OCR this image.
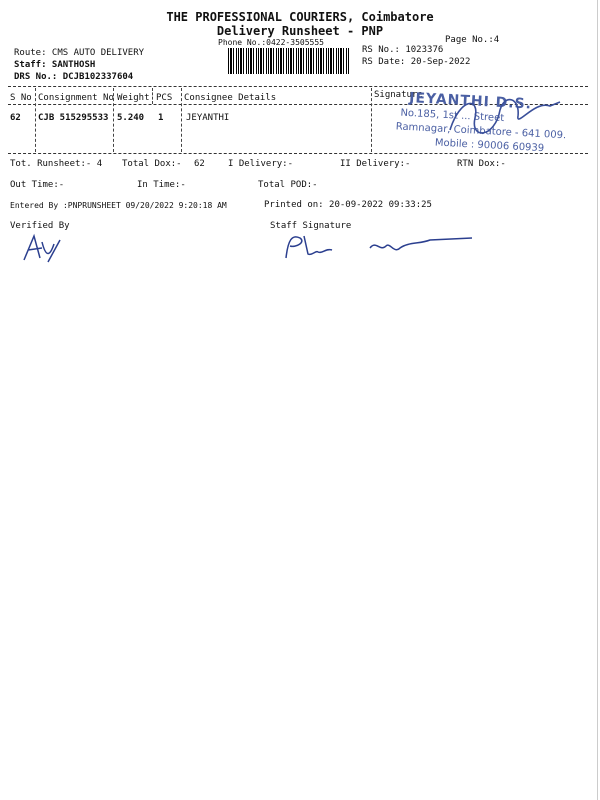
THE PROFESSIONAL COURIERS, Coimbatore
Delivery Runsheet - PNP
Phone No.:0422-3505555	Page No.:4
Route: CMS AUTO DELIVERY
Staff: SANTHOSH
DRS No.: DCJB102337604
RS No.: 1023376
RS Date: 20-Sep-2022
S No Consignment No Weight PCS Consignee Details	Signature
62 CJB 515295533 5.240 1	JEYANTHI
JEYANTHI D.S.
No.185, 1st ... Street
Ramnagar, Coimbatore - 641 009.
Mobile : 90006 60939
Tot. Runsheet:- 4 Total Dox:- 62	I Delivery:-	II Delivery:-	RTN Dox:-
Out Time:-	In Time:-	Total POD:-
Entered By :PNPRUNSHEET 09/20/2022 9:20:18 AM	Printed on: 20-09-2022 09:33:25
Verified By	Staff Signature
